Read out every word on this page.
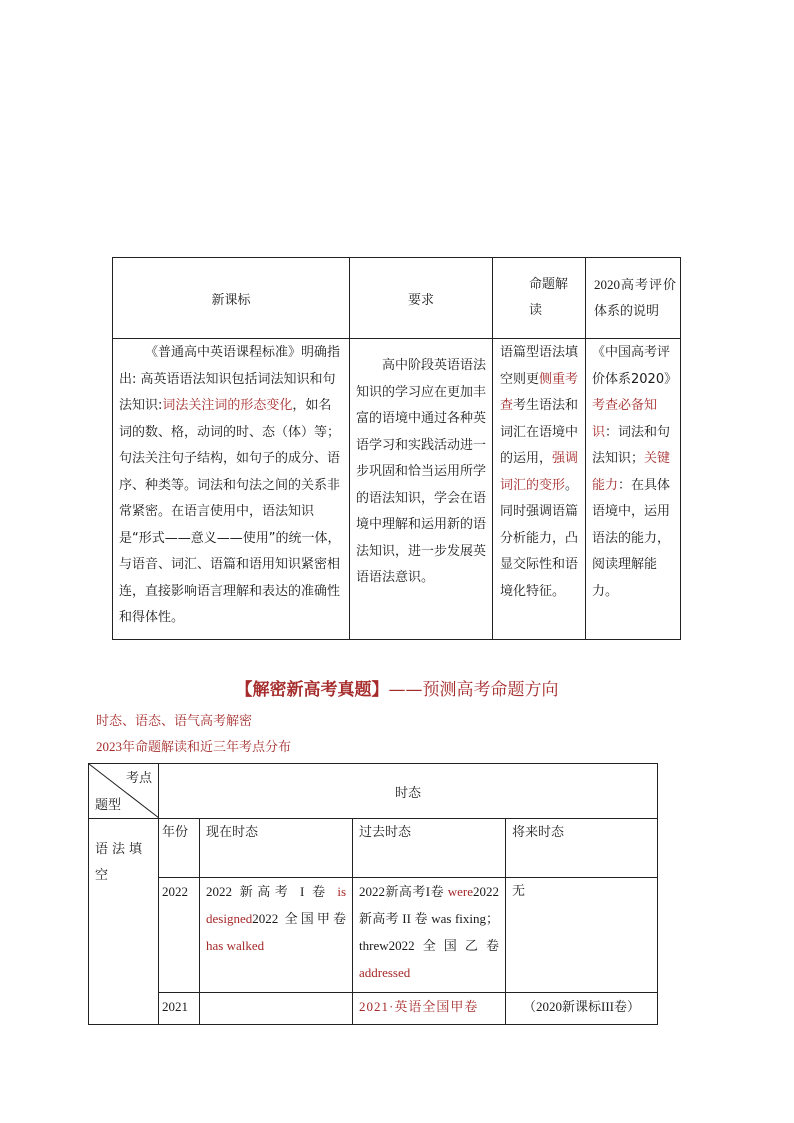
新课标	要求	命题解读	2020高考评价体系的说明

《普通高中英语课程标准》明确指出: 高英语语法知识包括词法知识和句法知识:词法关注词的形态变化，如名词的数、格，动词的时、态（体）等；句法关注句子结构，如句子的成分、语序、种类等。词法和句法之间的关系非常紧密。在语言使用中，语法知识是“形式——意义——使用”的统一体，与语音、词汇、语篇和语用知识紧密相连，直接影响语言理解和表达的准确性和得体性。	高中阶段英语语法知识的学习应在更加丰富的语境中通过各种英语学习和实践活动进一步巩固和恰当运用所学的语法知识，学会在语境中理解和运用新的语法知识，进一步发展英语语法意识。	语篇型语法填空则更侧重考查考生语法和词汇在语境中的运用，强调词汇的变形。同时强调语篇分析能力，凸显交际性和语境化特征。	《中国高考评价体系2020》考查必备知识：词法和句法知识；关键能力：在具体语境中，运用语法的能力，阅读理解能力。
【解密新高考真题】——预测高考命题方向
时态、语态、语气高考解密
2023年命题解读和近三年考点分布
考点
题型	时态			

语法填空	年份	现在时态	过去时态	将来时态

	2022	2022 新高考 I 卷 is designed2022 全国甲卷 has walked	2022新高考I卷 were2022 新高考 II 卷 was fixing；threw2022全国乙卷 addressed	无

	2021		2021·英语全国甲卷	（2020新课标III卷）
